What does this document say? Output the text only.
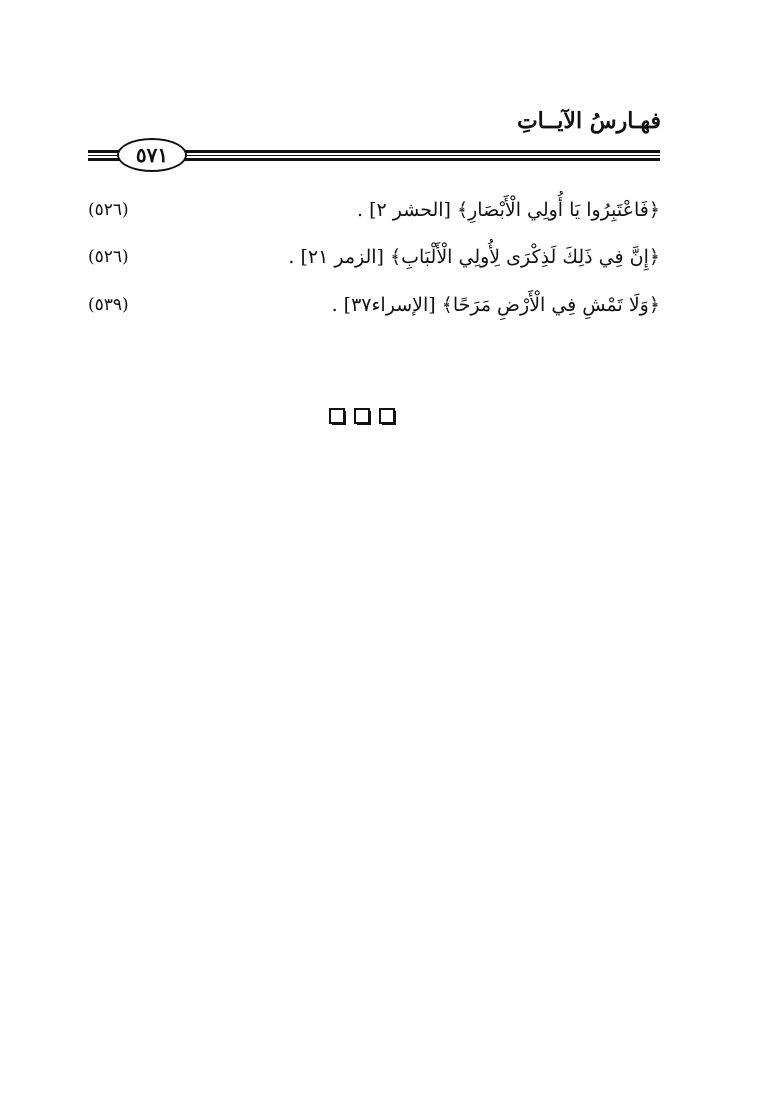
فهـارسُ الآيــاتِ
٥٧١
(٥٢٦)	﴿فَاعْتَبِرُوا يَا أُولِي الْأَبْصَارِ﴾ [الحشر ٢] .
(٥٢٦)	﴿إِنَّ فِي ذَلِكَ لَذِكْرَى لِأُولِي الْأَلْبَابِ﴾ [الزمر ٢١] .
(٥٣٩)	﴿وَلَا تَمْشِ فِي الْأَرْضِ مَرَحًا﴾ [الإسراء٣٧] .
